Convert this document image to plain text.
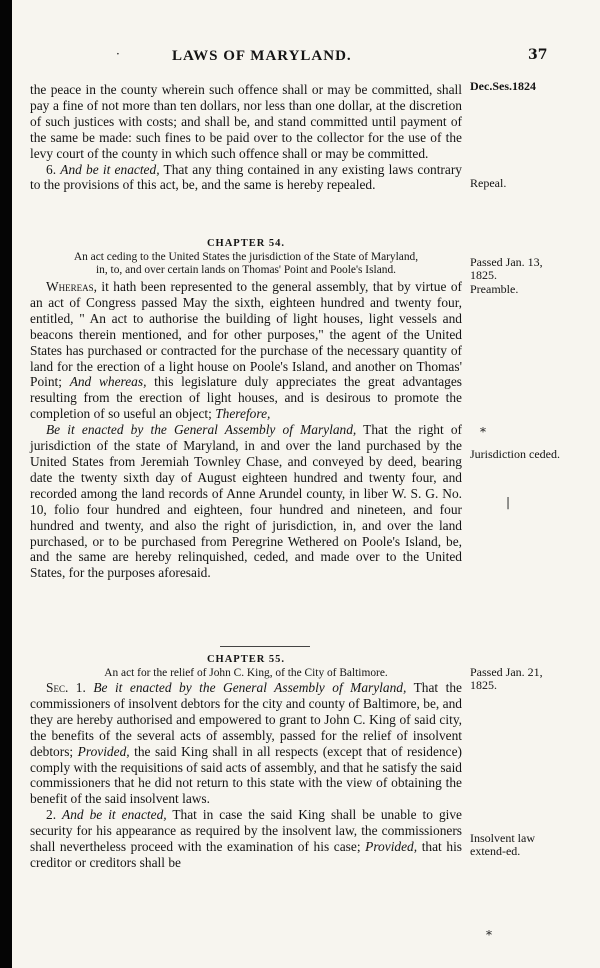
·	LAWS OF MARYLAND.	37

the peace in the county wherein such offence shall or may be committed, shall pay a fine of not more than ten dollars, nor less than one dollar, at the discretion of such justices with costs; and shall be, and stand committed until payment of the same be made: such fines to be paid over to the collector for the use of the levy court of the county in which such offence shall or may be committed.

6. And be it enacted, That any thing contained in any existing laws contrary to the provisions of this act, be, and the same is hereby repealed.

Dec.Ses.1824
Repeal.
CHAPTER 54.
An act ceding to the United States the jurisdiction of the State of Maryland,
in, to, and over certain lands on Thomas' Point and Poole's Island.
Passed Jan. 13, 1825.
Preamble.

Whereas, it hath been represented to the general assembly, that by virtue of an act of Congress passed May the sixth, eighteen hundred and twenty four, entitled, " An act to authorise the building of light houses, light vessels and beacons therein mentioned, and for other purposes," the agent of the United States has purchased or contracted for the purchase of the necessary quantity of land for the erection of a light house on Poole's Island, and another on Thomas' Point; And whereas, this legislature duly appreciates the great advantages resulting from the erection of light houses, and is desirous to promote the completion of so useful an object; Therefore,

Be it enacted by the General Assembly of Maryland, That the right of jurisdiction of the state of Maryland, in and over the land purchased by the United States from Jeremiah Townley Chase, and conveyed by deed, bearing date the twenty sixth day of August eighteen hundred and twenty four, and recorded among the land records of Anne Arundel county, in liber W. S. G. No. 10, folio four hundred and eighteen, four hundred and nineteen, and four hundred and twenty, and also the right of jurisdiction, in, and over the land purchased, or to be purchased from Peregrine Wethered on Poole's Island, be, and the same are hereby relinquished, ceded, and made over to the United States, for the purposes aforesaid.

Jurisdiction ceded.
CHAPTER 55.
An act for the relief of John C. King, of the City of Baltimore.	Passed Jan. 21, 1825.

Sec. 1. Be it enacted by the General Assembly of Maryland, That the commissioners of insolvent debtors for the city and county of Baltimore, be, and they are hereby authorised and empowered to grant to John C. King of said city, the benefits of the several acts of assembly, passed for the relief of insolvent debtors; Provided, the said King shall in all respects (except that of residence) comply with the requisitions of said acts of assembly, and that he satisfy the said commissioners that he did not return to this state with the view of obtaining the benefit of the said insolvent laws.

2. And be it enacted, That in case the said King shall be unable to give security for his appearance as required by the insolvent law, the commissioners shall nevertheless proceed with the examination of his case; Provided, that his creditor or creditors shall be

Insolvent law extend-ed.
*
|
*
